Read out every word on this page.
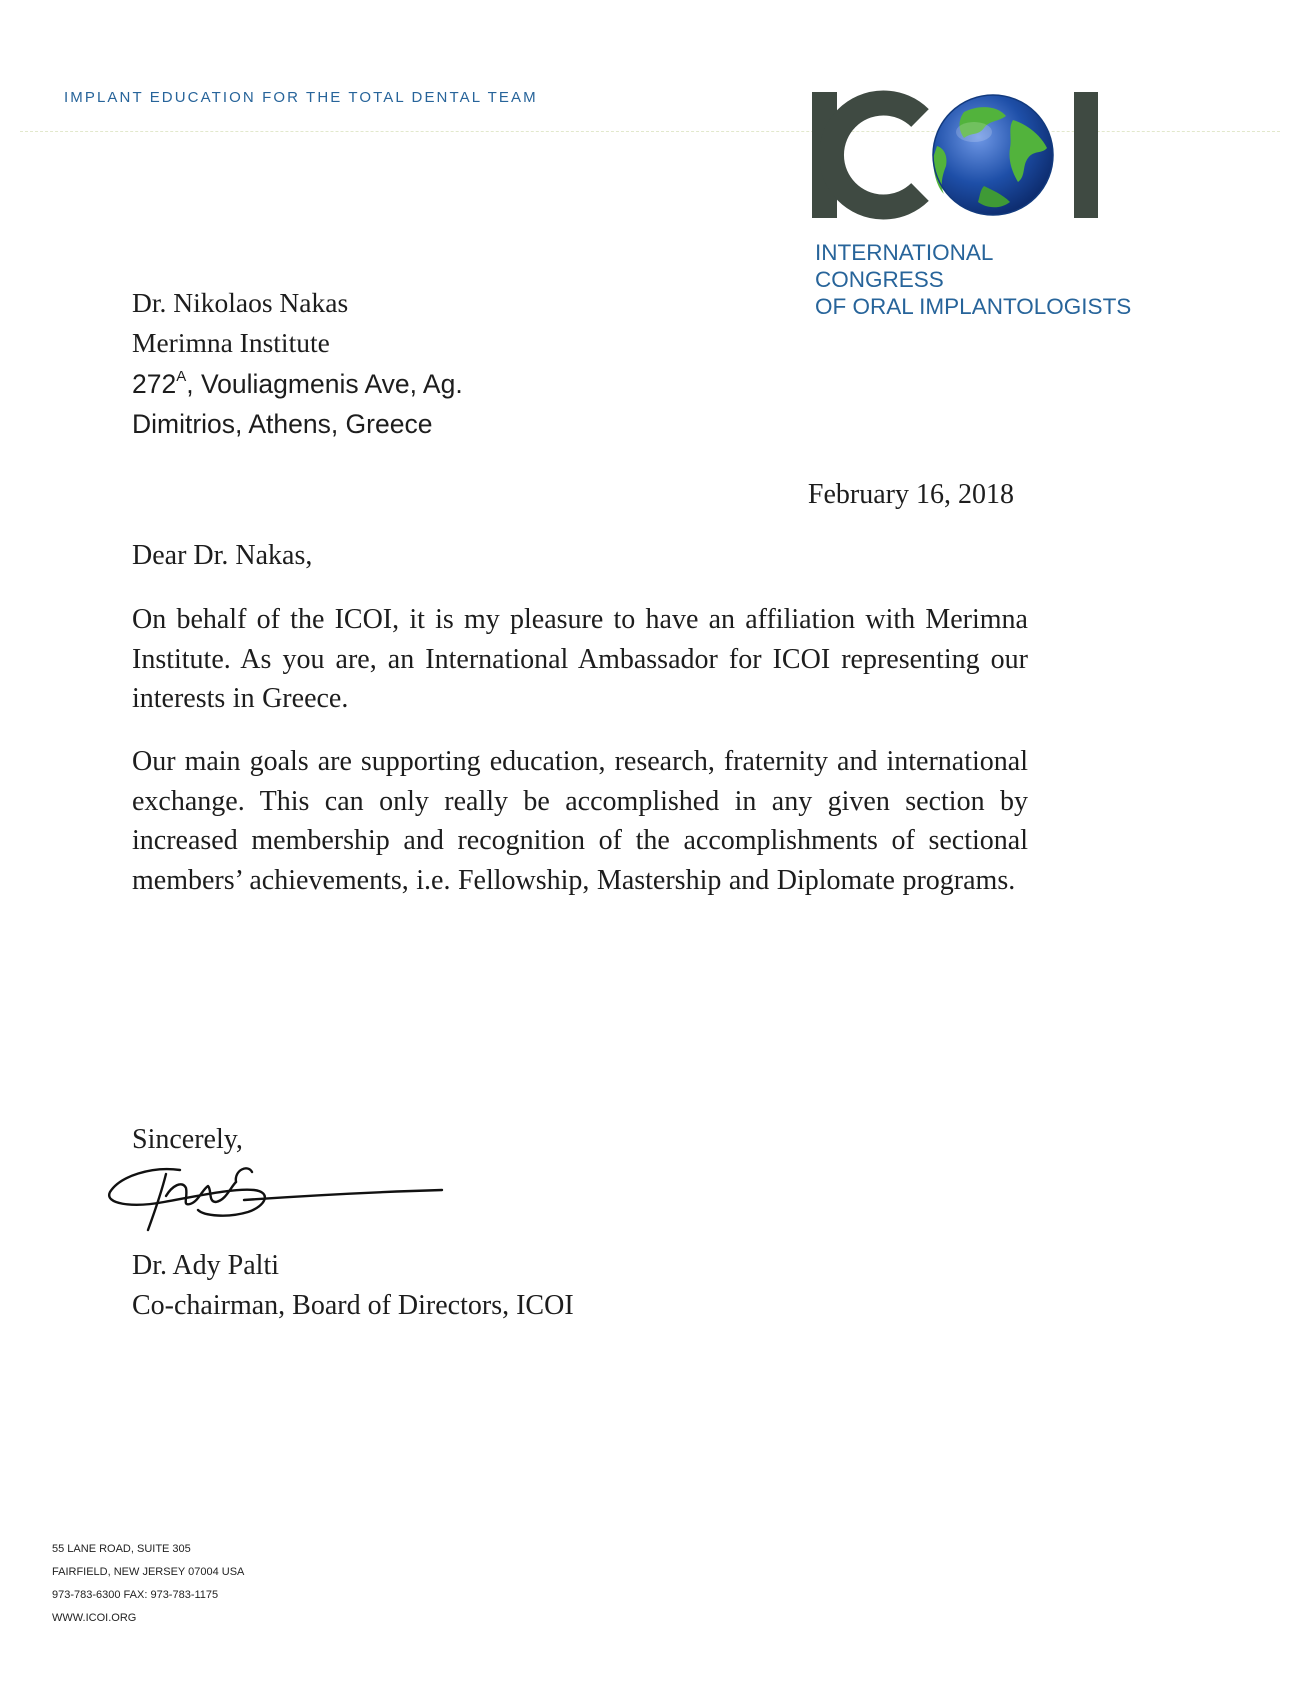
IMPLANT EDUCATION FOR THE TOTAL DENTAL TEAM
INTERNATIONAL
CONGRESS
OF ORAL IMPLANTOLOGISTS
Dr. Nikolaos Nakas
Merimna Institute
$272^A$, Vouliagmenis Ave, Ag.
Dimitrios, Athens, Greece
February 16, 2018
Dear Dr. Nakas,
On behalf of the ICOI, it is my pleasure to have an affiliation with Merimna Institute. As you are, an International Ambassador for ICOI representing our interests in Greece.
Our main goals are supporting education, research, fraternity and international exchange. This can only really be accomplished in any given section by increased membership and recognition of the accomplishments of sectional members’ achievements, i.e. Fellowship, Mastership and Diplomate programs.
Sincerely,
Dr. Ady Palti
Co-chairman, Board of Directors, ICOI
55 LANE ROAD, SUITE 305
FAIRFIELD, NEW JERSEY 07004 USA
973-783-6300 FAX: 973-783-1175
WWW.ICOI.ORG
